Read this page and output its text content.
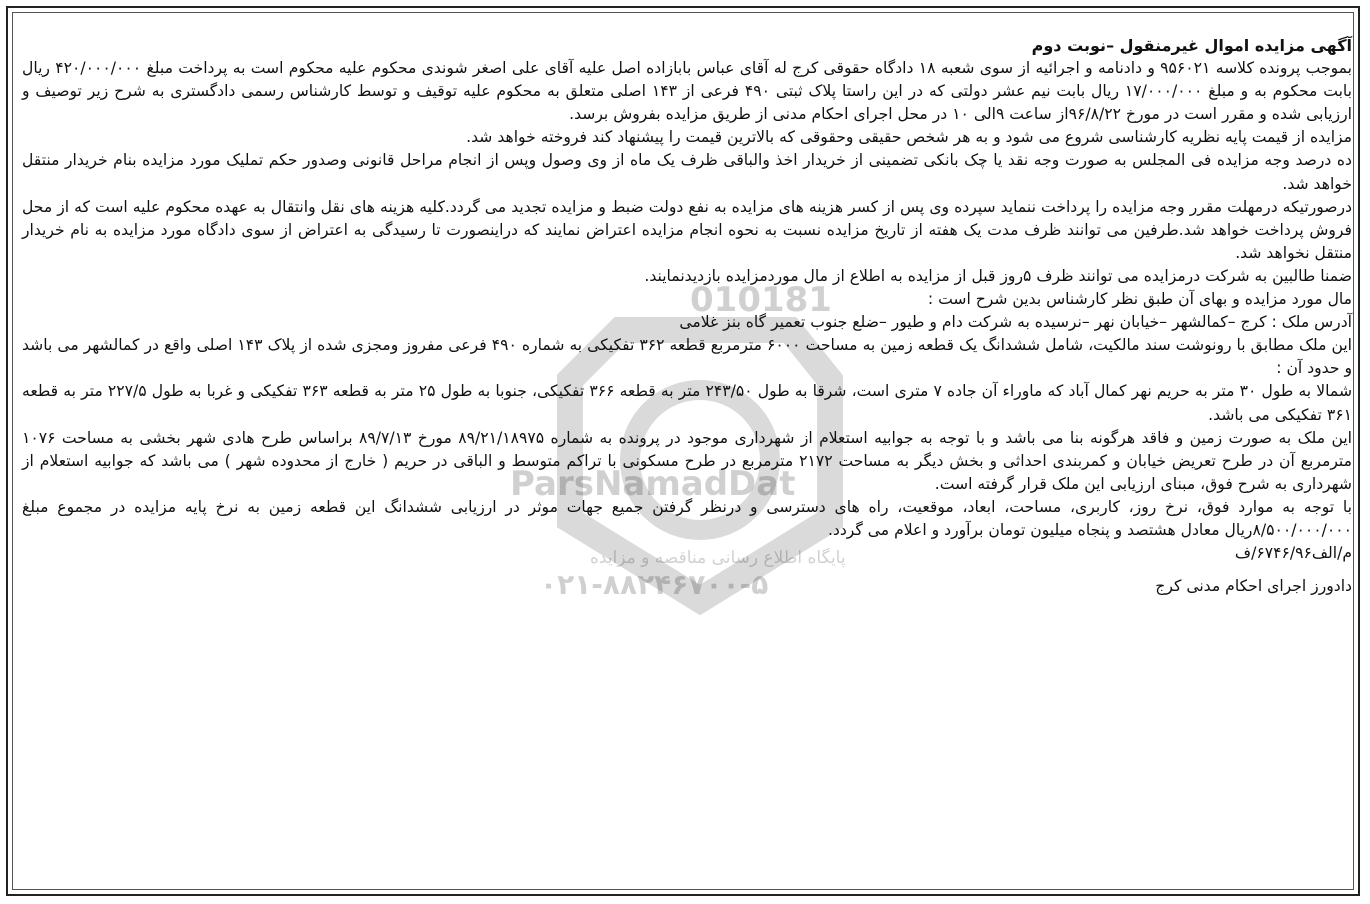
010181
ParsNamadDat
پایگاه اطلاع رسانی مناقصه و مزایده
۰۲۱-۸۸۲۴۶۷۰۰-۵

آگهی مزایده اموال غیرمنقول –نوبت دوم

بموجب پرونده کلاسه ۹۵۶۰۲۱ و دادنامه و اجرائیه از سوی شعبه ۱۸ دادگاه حقوقی کرج له آقای عباس بابازاده اصل علیه آقای علی اصغر شوندی محکوم علیه محکوم است به پرداخت مبلغ ۴۲۰/۰۰۰/۰۰۰ ریال بابت محکوم به و مبلغ ۱۷/۰۰۰/۰۰۰ ریال بابت نیم عشر دولتی که در این راستا پلاک ثبتی ۴۹۰ فرعی از ۱۴۳ اصلی متعلق به محکوم علیه توقیف و توسط کارشناس رسمی دادگستری به شرح زیر توصیف و ارزیابی شده و مقرر است در مورخ ۹۶/۸/۲۲از ساعت ۹الی ۱۰ در محل اجرای احکام مدنی از طریق مزایده بفروش برسد.

مزایده از قیمت پایه نظریه کارشناسی شروع می شود و به هر شخص حقیقی وحقوقی که بالاترین قیمت را پیشنهاد کند فروخته خواهد شد.

ده درصد وجه مزایده فی المجلس به صورت وجه نقد یا چک بانکی تضمینی از خریدار اخذ والباقی ظرف یک ماه از وی وصول وپس از انجام مراحل قانونی وصدور حکم تملیک مورد مزایده بنام خریدار منتقل خواهد شد.

درصورتیکه درمهلت مقرر وجه مزایده را پرداخت ننماید سپرده وی پس از کسر هزینه های مزایده به نفع دولت ضبط و مزایده تجدید می گردد.کلیه هزینه های نقل وانتقال به عهده محکوم علیه است که از محل فروش پرداخت خواهد شد.طرفین می توانند ظرف مدت یک هفته از تاریخ مزایده نسبت به نحوه انجام مزایده اعتراض نمایند که دراینصورت تا رسیدگی به اعتراض از سوی دادگاه مورد مزایده به نام خریدار منتقل نخواهد شد.

ضمنا طالبین به شرکت درمزایده می توانند ظرف ۵روز قبل از مزایده به اطلاع از مال موردمزایده بازدیدنمایند.

مال مورد مزایده و بهای آن طبق نظر کارشناس بدین شرح است :

آدرس ملک : کرج –کمالشهر –خیابان نهر –نرسیده به شرکت دام و طیور –ضلع جنوب تعمیر گاه بنز غلامی

این ملک مطابق با رونوشت سند مالکیت، شامل ششدانگ یک قطعه زمین به مساحت ۶۰۰۰ مترمربع قطعه ۳۶۲ تفکیکی به شماره ۴۹۰ فرعی مفروز ومجزی شده از پلاک ۱۴۳ اصلی واقع در کمالشهر می باشد و حدود آن :

شمالا به طول ۳۰ متر به حریم نهر کمال آباد که ماوراء آن جاده ۷ متری است، شرقا به طول ۲۴۳/۵۰ متر به قطعه ۳۶۶ تفکیکی، جنوبا به طول ۲۵ متر به قطعه ۳۶۳ تفکیکی و غربا به طول ۲۲۷/۵ متر به قطعه ۳۶۱ تفکیکی می باشد.

این ملک به صورت زمین و فاقد هرگونه بنا می باشد و با توجه به جوابیه استعلام از شهرداری موجود در پرونده به شماره ۸۹/۲۱/۱۸۹۷۵ مورخ ۸۹/۷/۱۳ براساس طرح هادی شهر بخشی به مساحت ۱۰۷۶ مترمربع آن در طرح تعریض خیابان و کمربندی احداثی و بخش دیگر به مساحت ۲۱۷۲ مترمربع در طرح مسکونی با تراکم متوسط و الباقی در حریم ( خارج از محدوده شهر ) می باشد که جوابیه استعلام از شهرداری به شرح فوق، مبنای ارزیابی این ملک قرار گرفته است.

با توجه به موارد فوق، نرخ روز، کاربری، مساحت، ابعاد، موقعیت، راه های دسترسی و درنظر گرفتن جمیع جهات موثر در ارزیابی ششدانگ این قطعه زمین به نرخ پایه مزایده در مجموع مبلغ ۸/۵۰۰/۰۰۰/۰۰۰ریال معادل هشتصد و پنجاه میلیون تومان برآورد و اعلام می گردد.

م/الف۶۷۴۶/۹۶/ف

دادورز اجرای احکام مدنی کرج
